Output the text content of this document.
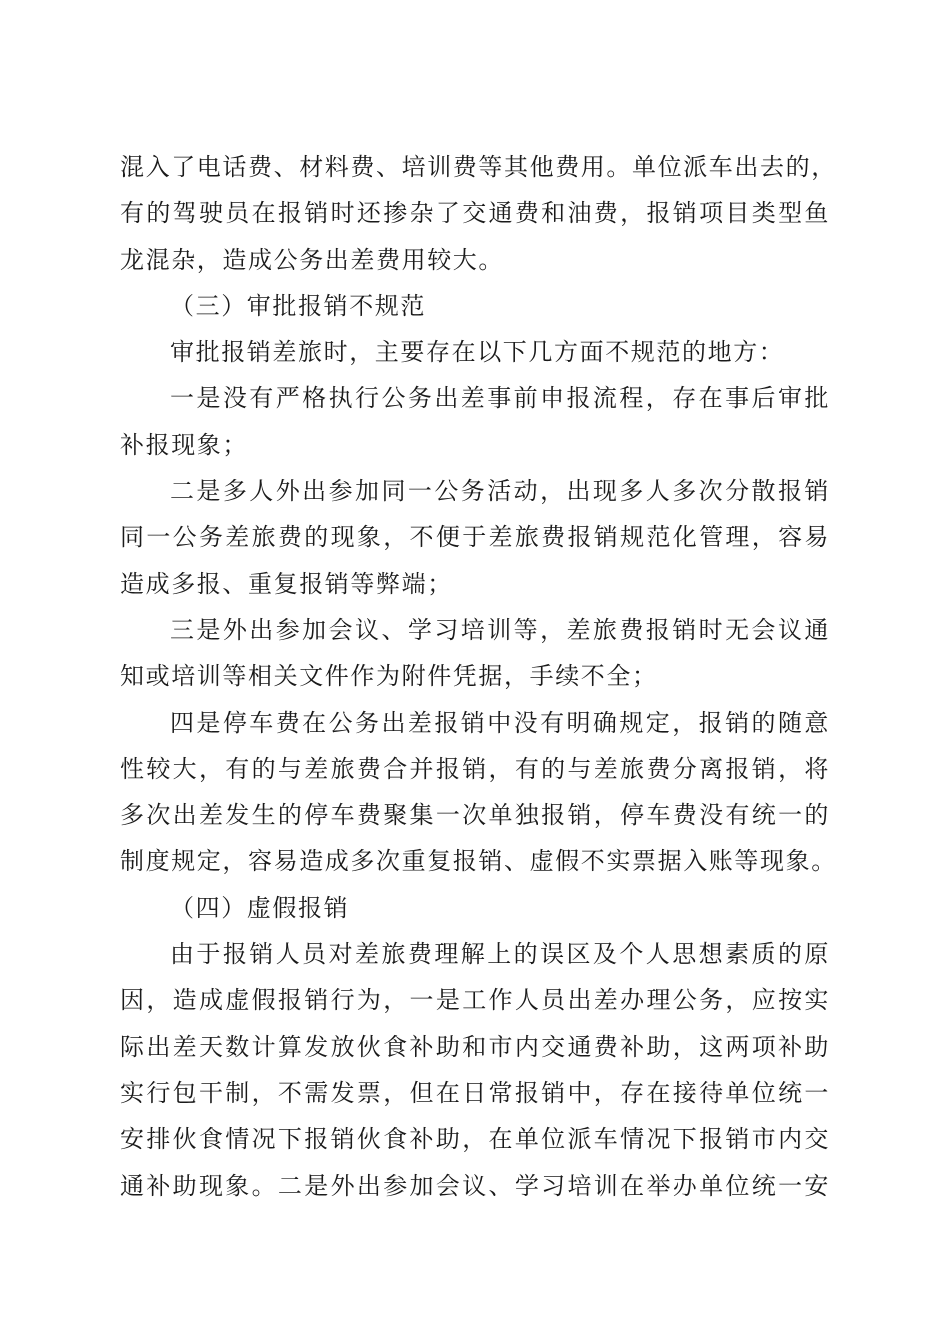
混入了电话费、材料费、培训费等其他费用。单位派车出去的，
有的驾驶员在报销时还掺杂了交通费和油费，报销项目类型鱼
龙混杂，造成公务出差费用较大。
（三）审批报销不规范
审批报销差旅时，主要存在以下几方面不规范的地方：
一是没有严格执行公务出差事前申报流程，存在事后审批
补报现象；
二是多人外出参加同一公务活动，出现多人多次分散报销
同一公务差旅费的现象，不便于差旅费报销规范化管理，容易
造成多报、重复报销等弊端；
三是外出参加会议、学习培训等，差旅费报销时无会议通
知或培训等相关文件作为附件凭据，手续不全；
四是停车费在公务出差报销中没有明确规定，报销的随意
性较大，有的与差旅费合并报销，有的与差旅费分离报销，将
多次出差发生的停车费聚集一次单独报销，停车费没有统一的
制度规定，容易造成多次重复报销、虚假不实票据入账等现象。
（四）虚假报销
由于报销人员对差旅费理解上的误区及个人思想素质的原
因，造成虚假报销行为，一是工作人员出差办理公务，应按实
际出差天数计算发放伙食补助和市内交通费补助，这两项补助
实行包干制，不需发票，但在日常报销中，存在接待单位统一
安排伙食情况下报销伙食补助，在单位派车情况下报销市内交
通补助现象。二是外出参加会议、学习培训在举办单位统一安
